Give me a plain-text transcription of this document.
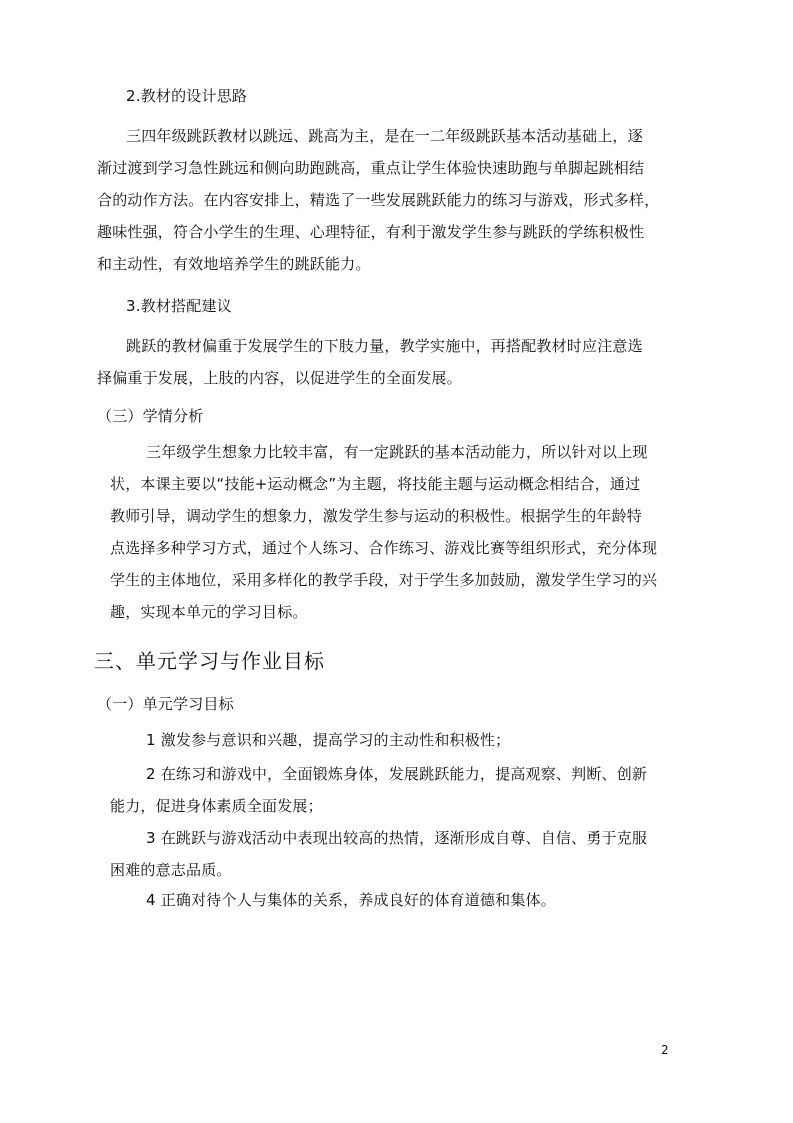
2.教材的设计思路
三四年级跳跃教材以跳远、跳高为主，是在一二年级跳跃基本活动基础上，逐
渐过渡到学习急性跳远和侧向助跑跳高，重点让学生体验快速助跑与单脚起跳相结
合的动作方法。在内容安排上，精选了一些发展跳跃能力的练习与游戏，形式多样，
趣味性强，符合小学生的生理、心理特征，有利于激发学生参与跳跃的学练积极性
和主动性，有效地培养学生的跳跃能力。
3.教材搭配建议
跳跃的教材偏重于发展学生的下肢力量，教学实施中，再搭配教材时应注意选
择偏重于发展，上肢的内容，以促进学生的全面发展。
（三）学情分析
三年级学生想象力比较丰富，有一定跳跃的基本活动能力，所以针对以上现
状，本课主要以“技能+运动概念”为主题，将技能主题与运动概念相结合，通过
教师引导，调动学生的想象力，激发学生参与运动的积极性。根据学生的年龄特
点选择多种学习方式，通过个人练习、合作练习、游戏比赛等组织形式，充分体现
学生的主体地位，采用多样化的教学手段，对于学生多加鼓励，激发学生学习的兴
趣，实现本单元的学习目标。
三、单元学习与作业目标
（一）单元学习目标
1 激发参与意识和兴趣，提高学习的主动性和积极性；
2 在练习和游戏中，全面锻炼身体，发展跳跃能力，提高观察、判断、创新
能力，促进身体素质全面发展；
3 在跳跃与游戏活动中表现出较高的热情，逐渐形成自尊、自信、勇于克服
困难的意志品质。
4 正确对待个人与集体的关系，养成良好的体育道德和集体。
2
